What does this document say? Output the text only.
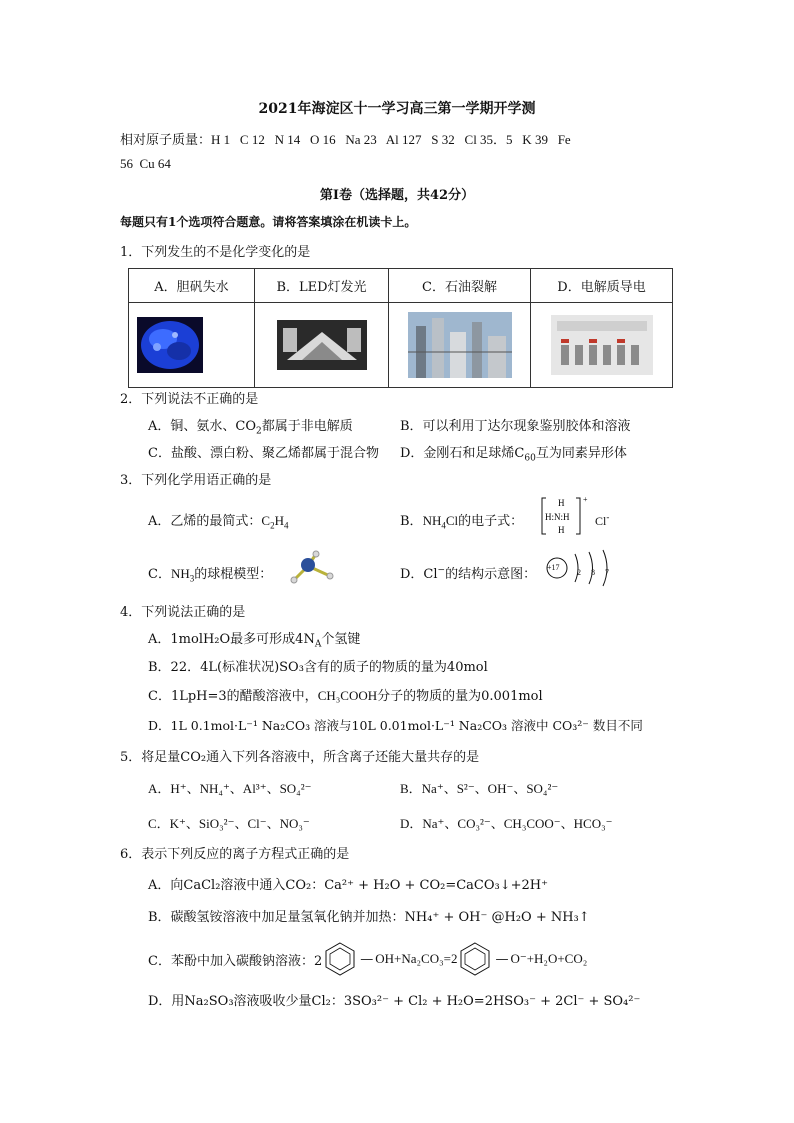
2021年海淀区十一学习高三第一学期开学测
相对原子质量：H 1   C 12   N 14   O 16   Na 23   Al 127   S 32   Cl 35．5   K 39   Fe
56  Cu 64
第Ⅰ卷（选择题，共42分）
每题只有1个选项符合题意。请将答案填涂在机读卡上。
1．下列发生的不是化学变化的是
A．胆矾失水	B．LED灯发光	C．石油裂解	D．电解质导电

2．下列说法不正确的是
A．铜、氨水、$CO_2$都属于非电解质	B．可以利用丁达尔现象鉴别胶体和溶液
C．盐酸、漂白粉、聚乙烯都属于混合物 D．金刚石和足球烯$C_{60}$互为同素异形体
3．下列化学用语正确的是
A．乙烯的最简式：$C_2H_4$	B．$NH_4Cl$的电子式：
H
H:N:H
H
+
Cl-
C．$NH_3$的球棍模型：	D．Cl−的结构示意图： +17
2  8  7
4．下列说法正确的是
A．1molH₂O最多可形成$4N_A$个氢键
B．22．4L(标准状况)SO₃含有的质子的物质的量为40mol
C．1LpH=3的醋酸溶液中，CH₃COOH分子的物质的量为0.001mol
D．1L 0.1mol·L⁻¹ Na₂CO₃ 溶液与10L 0.01mol·L⁻¹ Na₂CO₃ 溶液中 CO₃²⁻ 数目不同
5．将足量CO₂通入下列各溶液中，所含离子还能大量共存的是
A．H⁺、NH₄⁺、Al³⁺、SO₄²⁻	B．Na⁺、S²⁻、OH⁻、SO₄²⁻
C．K⁺、SiO₃²⁻、Cl⁻、NO₃⁻	D．Na⁺、CO₃²⁻、CH₃COO⁻、HCO₃⁻
6．表示下列反应的离子方程式正确的是
A．向CaCl₂溶液中通入CO₂：Ca²⁺ + H₂O + CO₂=CaCO₃↓+2H⁺
B．碳酸氢铵溶液中加足量氢氧化钠并加热：NH₄⁺ + OH⁻ @H₂O + NH₃↑
C．苯酚中加入碳酸钠溶液：2	— OH +Na₂CO₃=2	— O⁻ +H₂O+CO₂
D．用Na₂SO₃溶液吸收少量Cl₂：3SO₃²⁻ + Cl₂ + H₂O=2HSO₃⁻ + 2Cl⁻ + SO₄²⁻
